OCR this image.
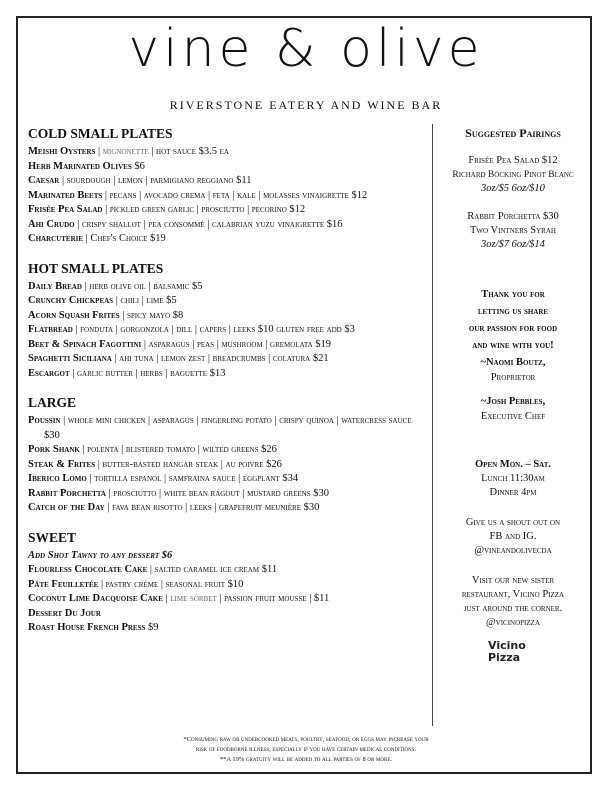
vine & olive
RIVERSTONE EATERY AND WINE BAR
COLD SMALL PLATES
Meishi Oysters | mignonette | hot sauce $3.5 ea
Herb Marinated Olives $6
Caesar | sourdough | lemon | parmigiano reggiano $11
Marinated Beets | pecans | avocado crema | feta | kale | molasses vinaigrette $12
Frisée Pea Salad | pickled green garlic | prosciutto | pecorino $12
Ahi Crudo | crispy shallot | pea consommé | calabrian yuzu vinaigrette $16
Charcuterie | Chef's Choice $19
HOT SMALL PLATES
Daily Bread | herb olive oil | balsamic $5
Crunchy Chickpeas | chili | lime $5
Acorn Squash Frites | spicy mayo $8
Flatbread | fonduta | gorgonzola | dill | capers | leeks $10 gluten free add $3
Beet & Spinach Fagottini | asparagus | peas | mushroom | gremolata $19
Spaghetti Siciliana | ahi tuna | lemon zest | breadcrumbs | colatura $21
Escargot | garlic butter | herbs | baguette $13
LARGE
Poussin | whole mini chicken | asparagus | fingerling potato | crispy quinoa | watercress sauce $30
Pork Shank | polenta | blistered tomato | wilted greens $26
Steak & Frites | butter-basted hangar steak | au poivre $26
Iberico Lomo | tortilla espanol | samfraina sauce | eggplant $34
Rabbit Porchetta | prosciutto | white bean ragout | mustard greens $30
Catch of the Day | fava bean risotto | leeks | grapefruit meunière $30
SWEET
Add Shot Tawny to any dessert $6
Flourless Chocolate Cake | salted caramel ice cream $11
Pâte Feuilletée | pastry crème | seasonal fruit $10
Coconut Lime Dacquoise Cake | lime sorbet | passion fruit mousse | $11
Dessert Du Jour
Roast House French Press $9
Suggested Pairings
Frisée Pea Salad $12
Richard Böcking Pinot Blanc
3oz/$5 6oz/$10
Rabbit Porchetta $30
Two Vintners Syrah
3oz/$7 6oz/$14
Thank you for
letting us share
our passion for food
and wine with you!
~Naomi Boutz,
Proprietor
~Josh Pebbles,
Executive Chef
Open Mon. – Sat.
Lunch 11:30am
Dinner 4pm
Give us a shout out on
FB and IG.
@vineandolivecda
Visit our new sister
restaurant, Vicino Pizza
just around the corner.
@vicinopizza
Vicino
Pizza
*Consuming raw or undercooked meats, poultry, seafood, or eggs may increase your
risk of foodborne illness, especially if you have certain medical conditions.
**A 19% gratuity will be added to all parties of 8 or more.
